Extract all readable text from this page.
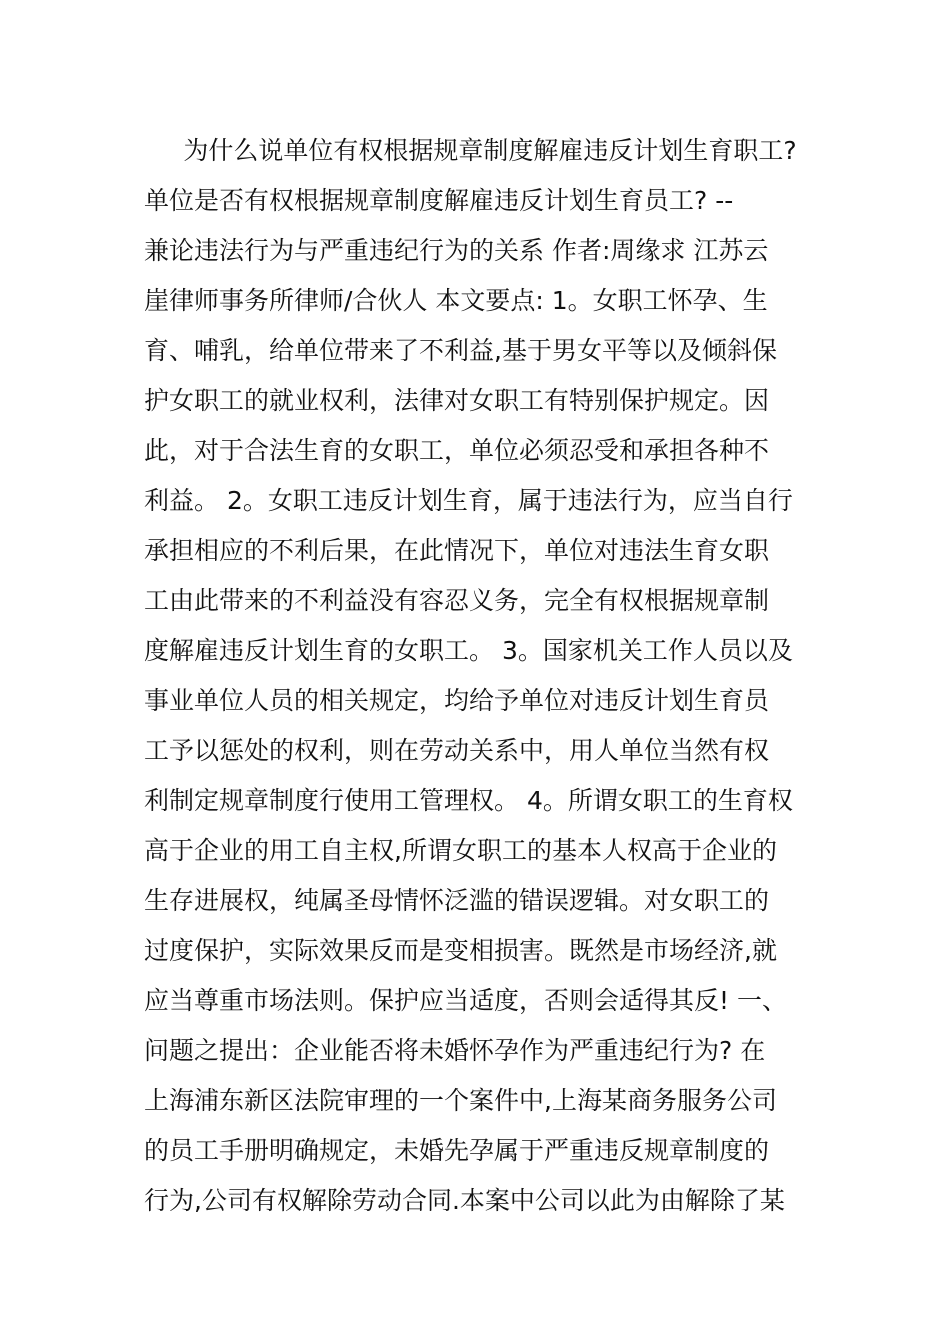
为什么说单位有权根据规章制度解雇违反计划生育职工?
单位是否有权根据规章制度解雇违反计划生育员工? --
兼论违法行为与严重违纪行为的关系 作者:周缘求 江苏云
崖律师事务所律师/合伙人 本文要点: 1。女职工怀孕、生
育、哺乳，给单位带来了不利益,基于男女平等以及倾斜保
护女职工的就业权利，法律对女职工有特别保护规定。因
此，对于合法生育的女职工，单位必须忍受和承担各种不
利益。 2。女职工违反计划生育，属于违法行为，应当自行
承担相应的不利后果，在此情况下，单位对违法生育女职
工由此带来的不利益没有容忍义务，完全有权根据规章制
度解雇违反计划生育的女职工。 3。国家机关工作人员以及
事业单位人员的相关规定，均给予单位对违反计划生育员
工予以惩处的权利，则在劳动关系中，用人单位当然有权
利制定规章制度行使用工管理权。 4。所谓女职工的生育权
高于企业的用工自主权,所谓女职工的基本人权高于企业的
生存进展权，纯属圣母情怀泛滥的错误逻辑。对女职工的
过度保护，实际效果反而是变相损害。既然是市场经济,就
应当尊重市场法则。保护应当适度，否则会适得其反! 一、
问题之提出：企业能否将未婚怀孕作为严重违纪行为? 在
上海浦东新区法院审理的一个案件中,上海某商务服务公司
的员工手册明确规定，未婚先孕属于严重违反规章制度的
行为,公司有权解除劳动合同.本案中公司以此为由解除了某
